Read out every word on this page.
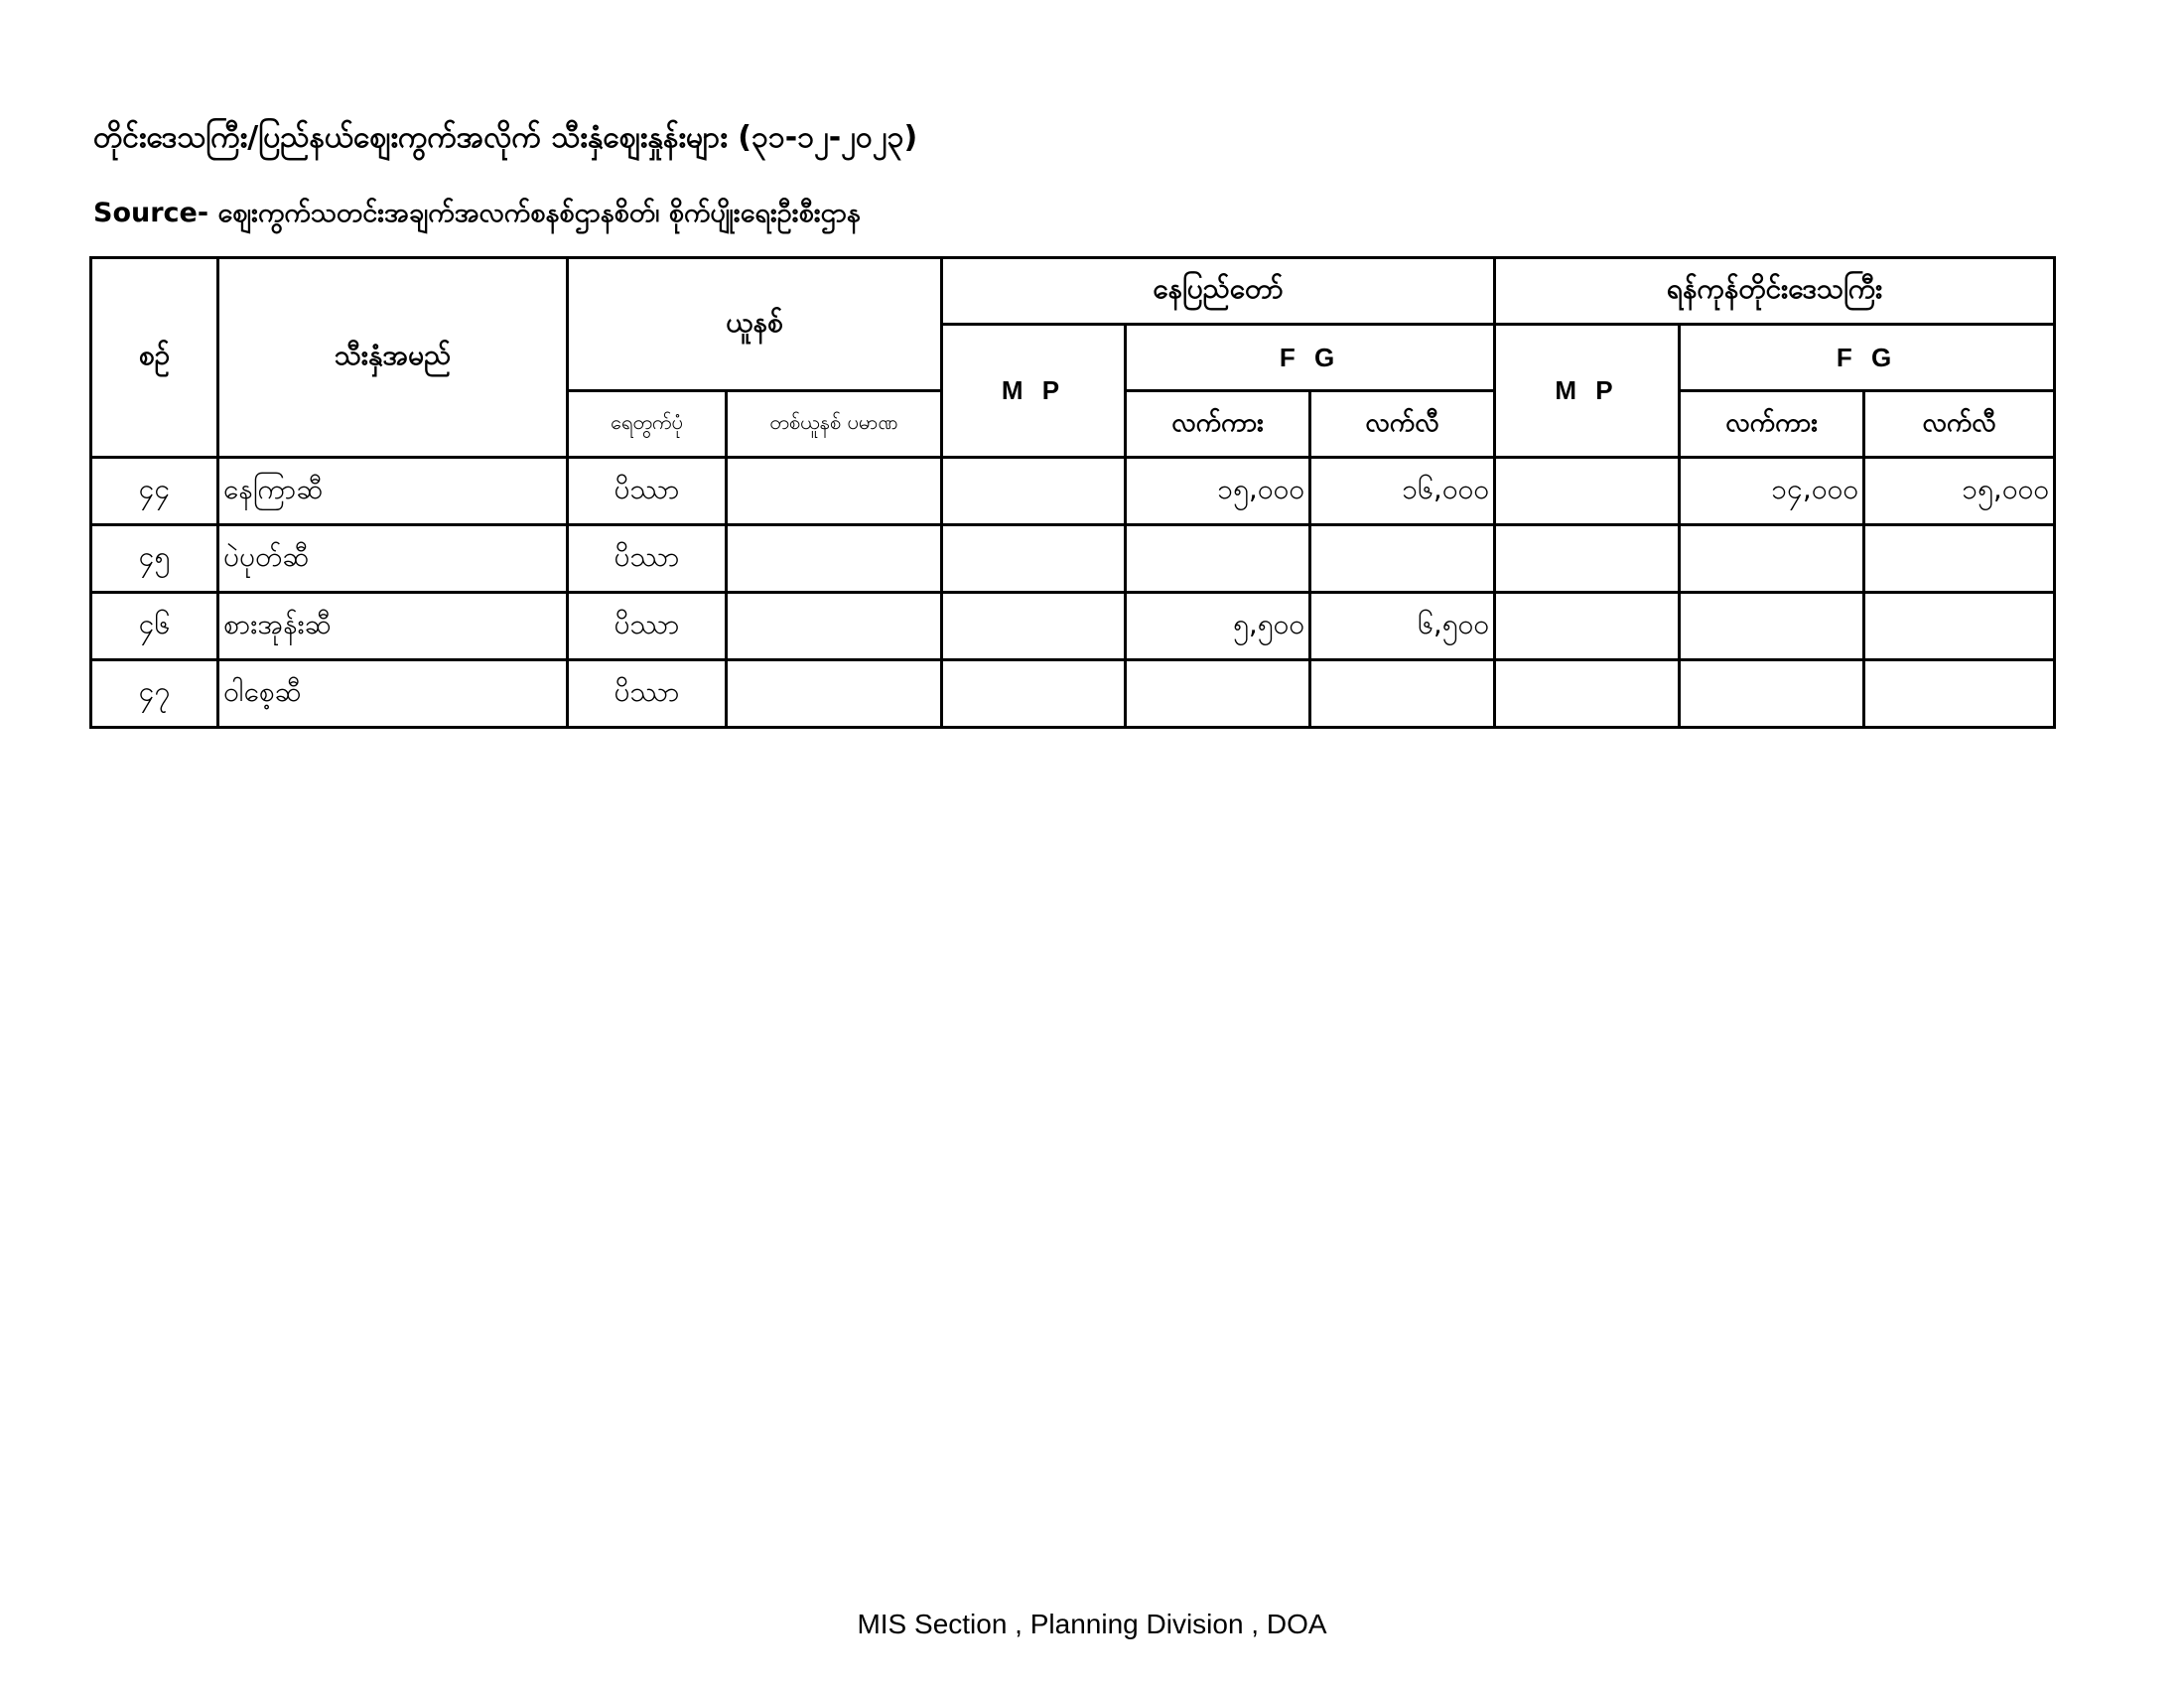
တိုင်းဒေသကြီး/ပြည်နယ်ဈေးကွက်အလိုက် သီးနှံဈေးနှုန်းများ (၃၁-၁၂-၂၀၂၃)
Source- ဈေးကွက်သတင်းအချက်အလက်စနစ်ဌာနစိတ်၊ စိုက်ပျိုးရေးဦးစီးဌာန
စဉ်	သီးနှံအမည်	ယူနစ်		နေပြည်တော်			ရန်ကုန်တိုင်းဒေသကြီး		
				M P	F G		M P	F G	
		ရေတွက်ပုံ	တစ်ယူနစ် ပမာဏ		လက်ကား	လက်လီ		လက်ကား	လက်လီ
၄၄	နေကြာဆီ	ပိဿာ			၁၅,၀၀၀	၁၆,၀၀၀		၁၄,၀၀၀	၁၅,၀၀၀
၄၅	ပဲပုတ်ဆီ	ပိဿာ							
၄၆	စားအုန်းဆီ	ပိဿာ			၅,၅၀၀	၆,၅၀၀			
၄၇	ဝါစေ့ဆီ	ပိဿာ							
MIS Section , Planning Division , DOA
